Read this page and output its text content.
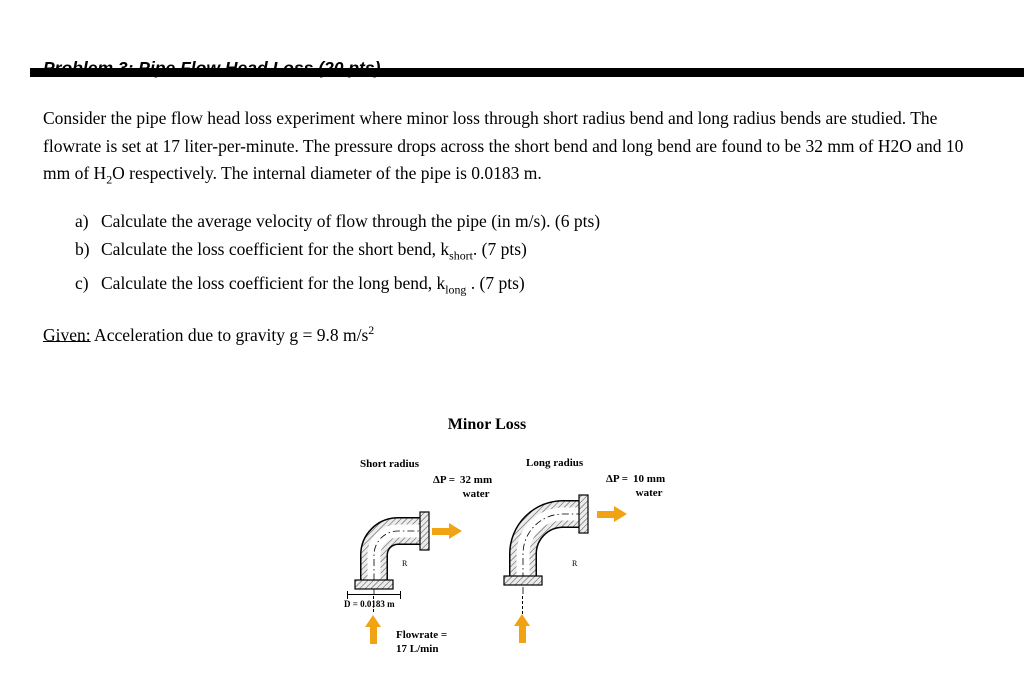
Consider the pipe flow head loss experiment where minor loss through short radius bend and long radius bends are studied. The flowrate is set at 17 liter-per-minute. The pressure drops across the short bend and long bend are found to be 32 mm of H2O and 10 mm of $H_2O$ respectively. The internal diameter of the pipe is 0.0183 m.

a) Calculate the average velocity of flow through the pipe (in m/s). (6 pts)
b) Calculate the loss coefficient for the short bend, $k_{short}$. (7 pts)
c) Calculate the loss coefficient for the long bend, $k_{long}$ . (7 pts)

Given: Acceleration due to gravity g = 9.8 $m/s^2$

Minor Loss
Short radius	Long radius
ΔP = 32 mm
water
ΔP = 10 mm
water
R	R
D = 0.0183 m
Flowrate =
17 L/min
